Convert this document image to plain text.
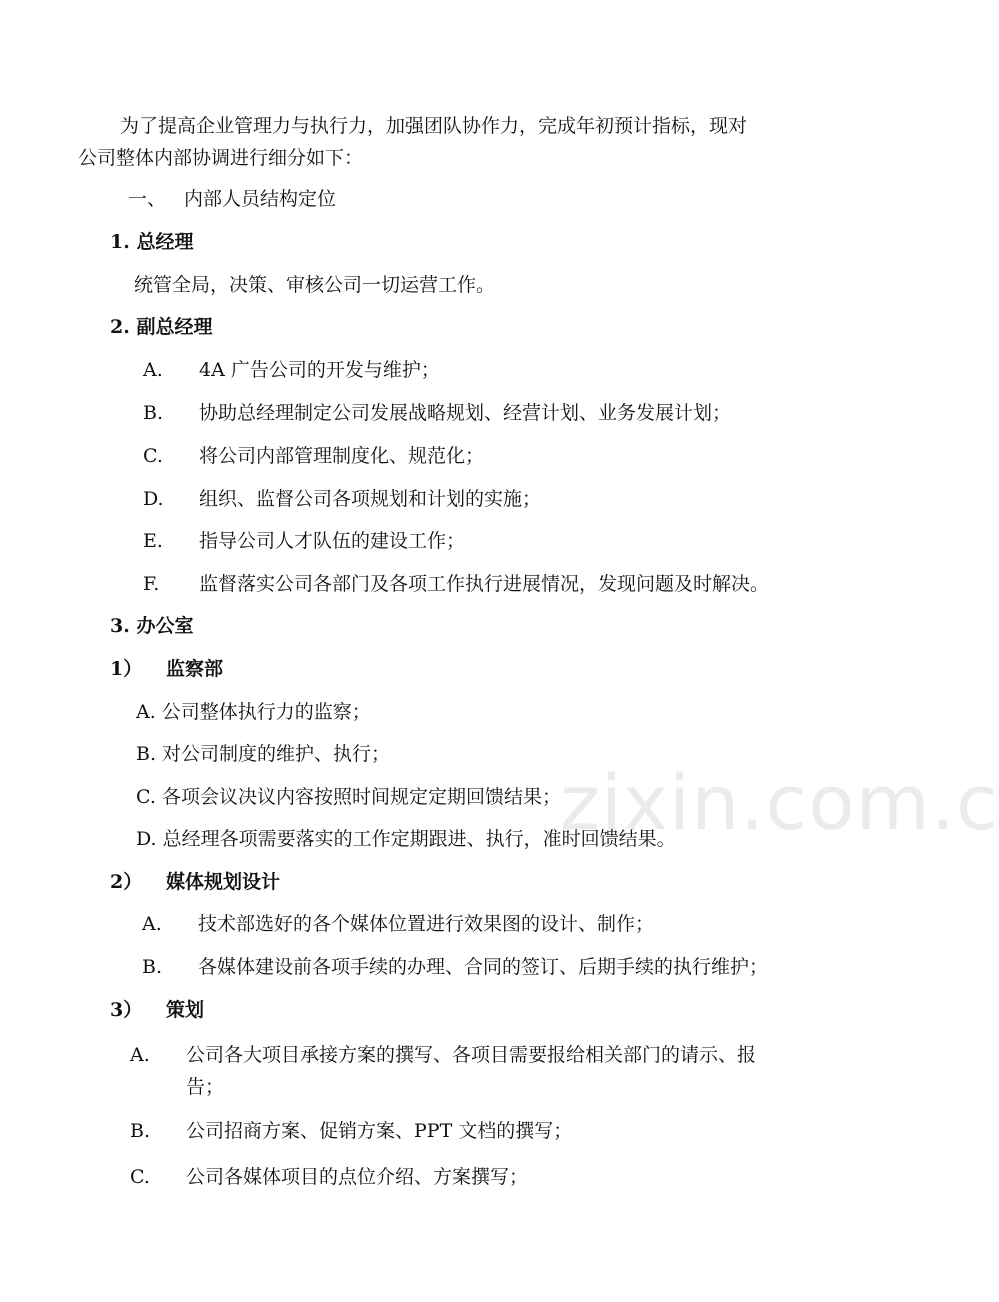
zixin.com.c
为了提高企业管理力与执行力，加强团队协作力，完成年初预计指标，现对
公司整体内部协调进行细分如下：
一、 内部人员结构定位
1. 总经理
统管全局，决策、审核公司一切运营工作。
2. 副总经理
A. 4A 广告公司的开发与维护；
B. 协助总经理制定公司发展战略规划、经营计划、业务发展计划；
C. 将公司内部管理制度化、规范化；
D. 组织、监督公司各项规划和计划的实施；
E. 指导公司人才队伍的建设工作；
F. 监督落实公司各部门及各项工作执行进展情况，发现问题及时解决。
3. 办公室
1） 监察部
A. 公司整体执行力的监察；
B. 对公司制度的维护、执行；
C. 各项会议决议内容按照时间规定定期回馈结果；
D. 总经理各项需要落实的工作定期跟进、执行，准时回馈结果。
2） 媒体规划设计
A. 技术部选好的各个媒体位置进行效果图的设计、制作；
B. 各媒体建设前各项手续的办理、合同的签订、后期手续的执行维护；
3） 策划
A. 公司各大项目承接方案的撰写、各项目需要报给相关部门的请示、报
告；
B. 公司招商方案、促销方案、PPT 文档的撰写；
C. 公司各媒体项目的点位介绍、方案撰写；
